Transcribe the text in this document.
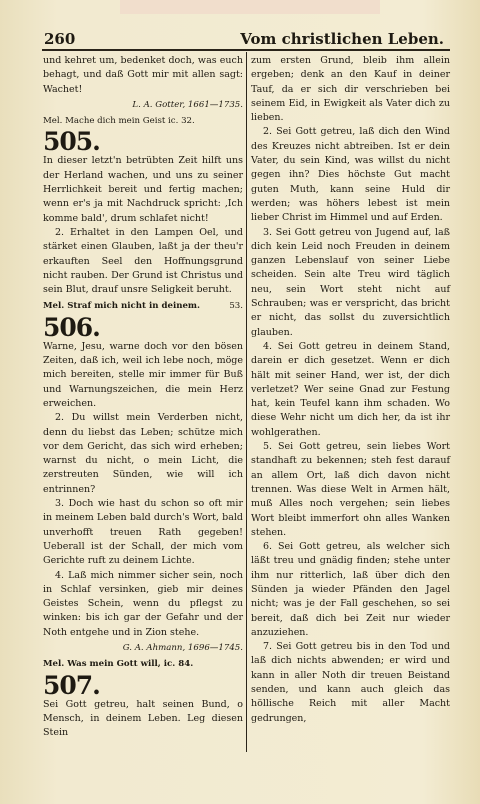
260	Vom christlichen Leben.

und kehret um, bedenket doch, was euch behagt, und daß Gott mir mit allen sagt: Wachet!

L. A. Gotter, 1661—1735.
Mel. Mache dich mein Geist ic. 32.
505.

In dieser letzt'n betrübten Zeit hilft uns der Herland wachen, und uns zu seiner Herrlichkeit bereit und fertig machen; wenn er's ja mit Nachdruck spricht: ‚Ich komme bald', drum schlafet nicht!

2. Erhaltet in den Lampen Oel, und stärket einen Glauben, laßt ja der theu'r erkauften Seel den Hoffnungsgrund nicht rauben. Der Grund ist Christus und sein Blut, drauf unsre Seligkeit beruht.

Mel. Straf mich nicht in deinem.	53.
506.

Warne, Jesu, warne doch vor den bösen Zeiten, daß ich, weil ich lebe noch, möge mich bereiten, stelle mir immer für Buß und Warnungszeichen, die mein Herz erweichen.

2. Du willst mein Verderben nicht, denn du liebst das Leben; schütze mich vor dem Gericht, das sich wird erheben; warnst du nicht, o mein Licht, die zerstreuten Sünden, wie will ich entrinnen?

3. Doch wie hast du schon so oft mir in meinem Leben bald durch's Wort, bald unverhofft treuen Rath gegeben! Ueberall ist der Schall, der mich vom Gerichte ruft zu deinem Lichte.

4. Laß mich nimmer sicher sein, noch in Schlaf versinken, gieb mir deines Geistes Schein, wenn du pflegst zu winken: bis ich gar der Gefahr und der Noth entgehe und in Zion stehe.

G. A. Ahmann, 1696—1745.
Mel. Was mein Gott will, ic. 84.
507.

Sei Gott getreu, halt seinen Bund, o Mensch, in deinem Leben. Leg diesen Stein

zum ersten Grund, bleib ihm allein ergeben; denk an den Kauf in deiner Tauf, da er sich dir verschrieben bei seinem Eid, in Ewigkeit als Vater dich zu lieben.

2. Sei Gott getreu, laß dich den Wind des Kreuzes nicht abtreiben. Ist er dein Vater, du sein Kind, was willst du nicht gegen ihn? Dies höchste Gut macht guten Muth, kann seine Huld dir werden; was höhers lebest ist mein lieber Christ im Himmel und auf Erden.

3. Sei Gott getreu von Jugend auf, laß dich kein Leid noch Freuden in deinem ganzen Lebenslauf von seiner Liebe scheiden. Sein alte Treu wird täglich neu, sein Wort steht nicht auf Schrauben; was er verspricht, das bricht er nicht, das sollst du zuversichtlich glauben.

4. Sei Gott getreu in deinem Stand, darein er dich gesetzet. Wenn er dich hält mit seiner Hand, wer ist, der dich verletzet? Wer seine Gnad zur Festung hat, kein Teufel kann ihm schaden. Wo diese Wehr nicht um dich her, da ist ihr wohlgerathen.

5. Sei Gott getreu, sein liebes Wort standhaft zu bekennen; steh fest darauf an allem Ort, laß dich davon nicht trennen. Was diese Welt in Armen hält, muß Alles noch vergehen; sein liebes Wort bleibt immerfort ohn alles Wanken stehen.

6. Sei Gott getreu, als welcher sich läßt treu und gnädig finden; stehe unter ihm nur ritterlich, laß über dich den Sünden ja wieder Pfänden den Jagel nicht; was je der Fall geschehen, so sei bereit, daß dich bei Zeit nur wieder anzuziehen.

7. Sei Gott getreu bis in den Tod und laß dich nichts abwenden; er wird und kann in aller Noth dir treuen Beistand senden, und kann auch gleich das höllische Reich mit aller Macht gedrungen,
